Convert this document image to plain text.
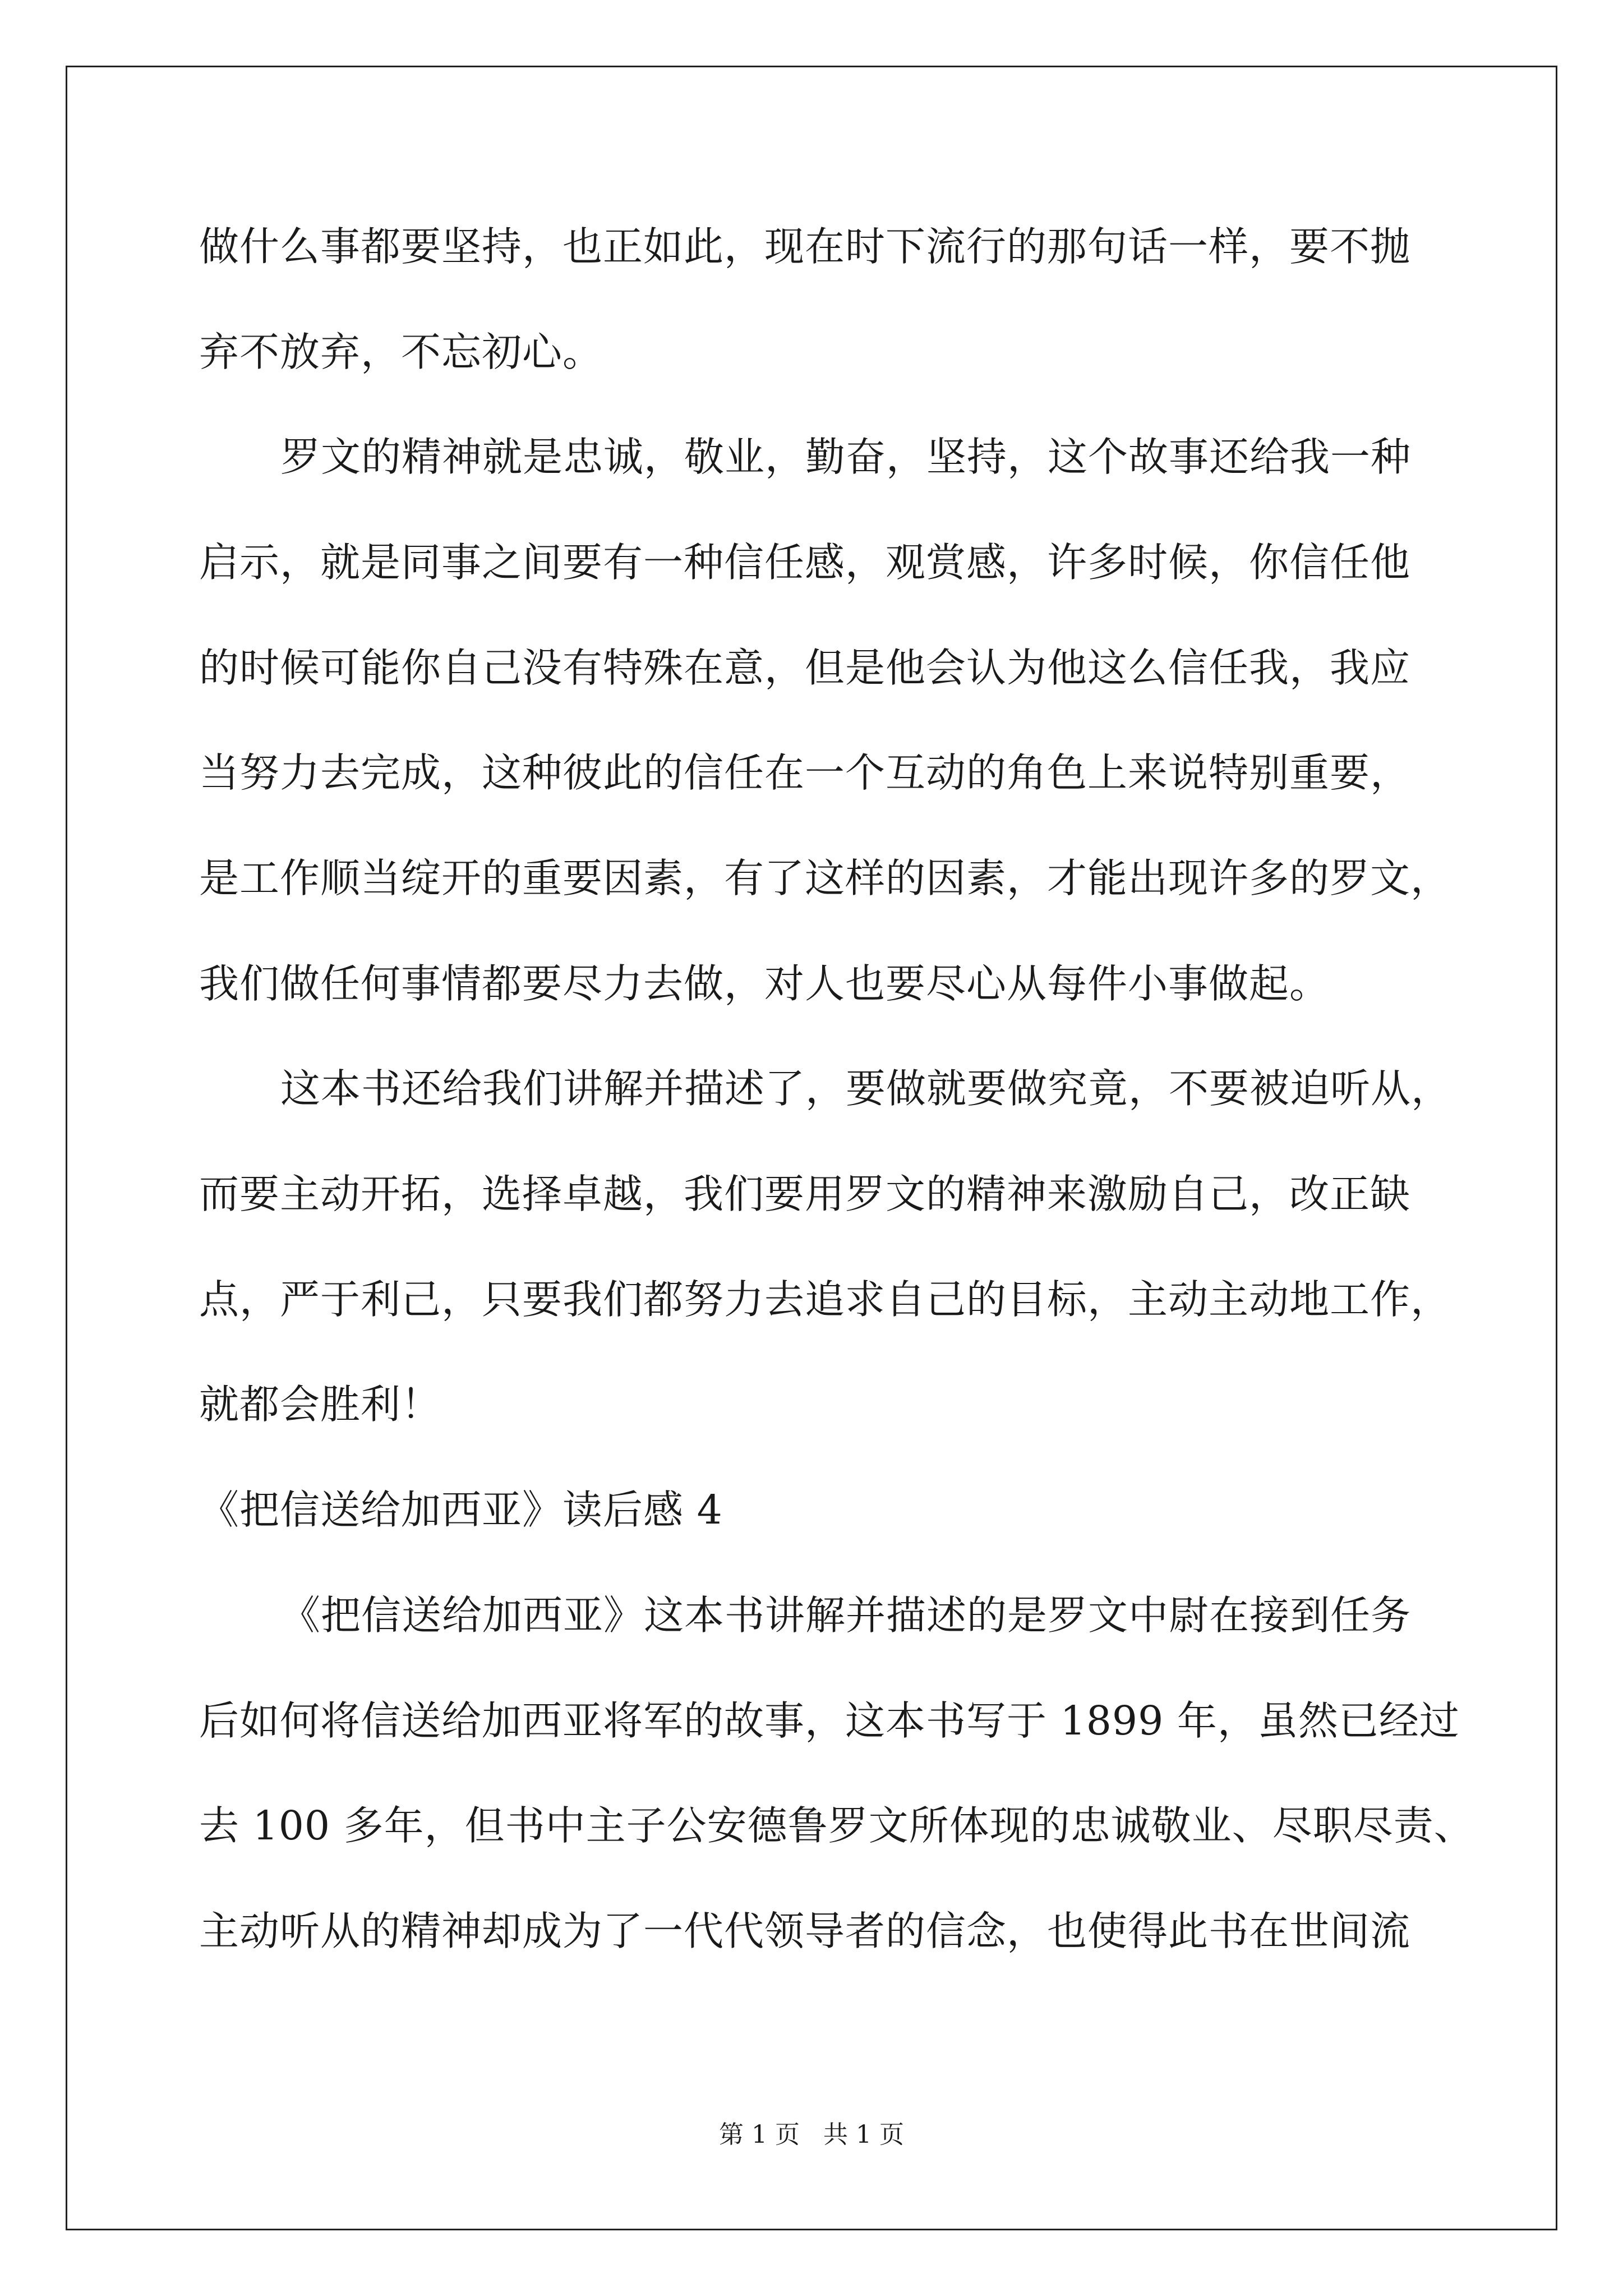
做什么事都要坚持，也正如此，现在时下流行的那句话一样，要不抛
弃不放弃，不忘初心。
罗文的精神就是忠诚，敬业，勤奋，坚持，这个故事还给我一种
启示，就是同事之间要有一种信任感，观赏感，许多时候，你信任他
的时候可能你自己没有特殊在意，但是他会认为他这么信任我，我应
当努力去完成，这种彼此的信任在一个互动的角色上来说特别重要，
是工作顺当绽开的重要因素，有了这样的因素，才能出现许多的罗文，
我们做任何事情都要尽力去做，对人也要尽心从每件小事做起。
这本书还给我们讲解并描述了，要做就要做究竟，不要被迫听从，
而要主动开拓，选择卓越，我们要用罗文的精神来激励自己，改正缺
点，严于利己，只要我们都努力去追求自己的目标，主动主动地工作，
就都会胜利！
《把信送给加西亚》读后感 4
《把信送给加西亚》这本书讲解并描述的是罗文中尉在接到任务
后如何将信送给加西亚将军的故事，这本书写于 1899 年，虽然已经过
去 100 多年，但书中主子公安德鲁罗文所体现的忠诚敬业、尽职尽责、
主动听从的精神却成为了一代代领导者的信念，也使得此书在世间流
第 1 页   共 1 页
